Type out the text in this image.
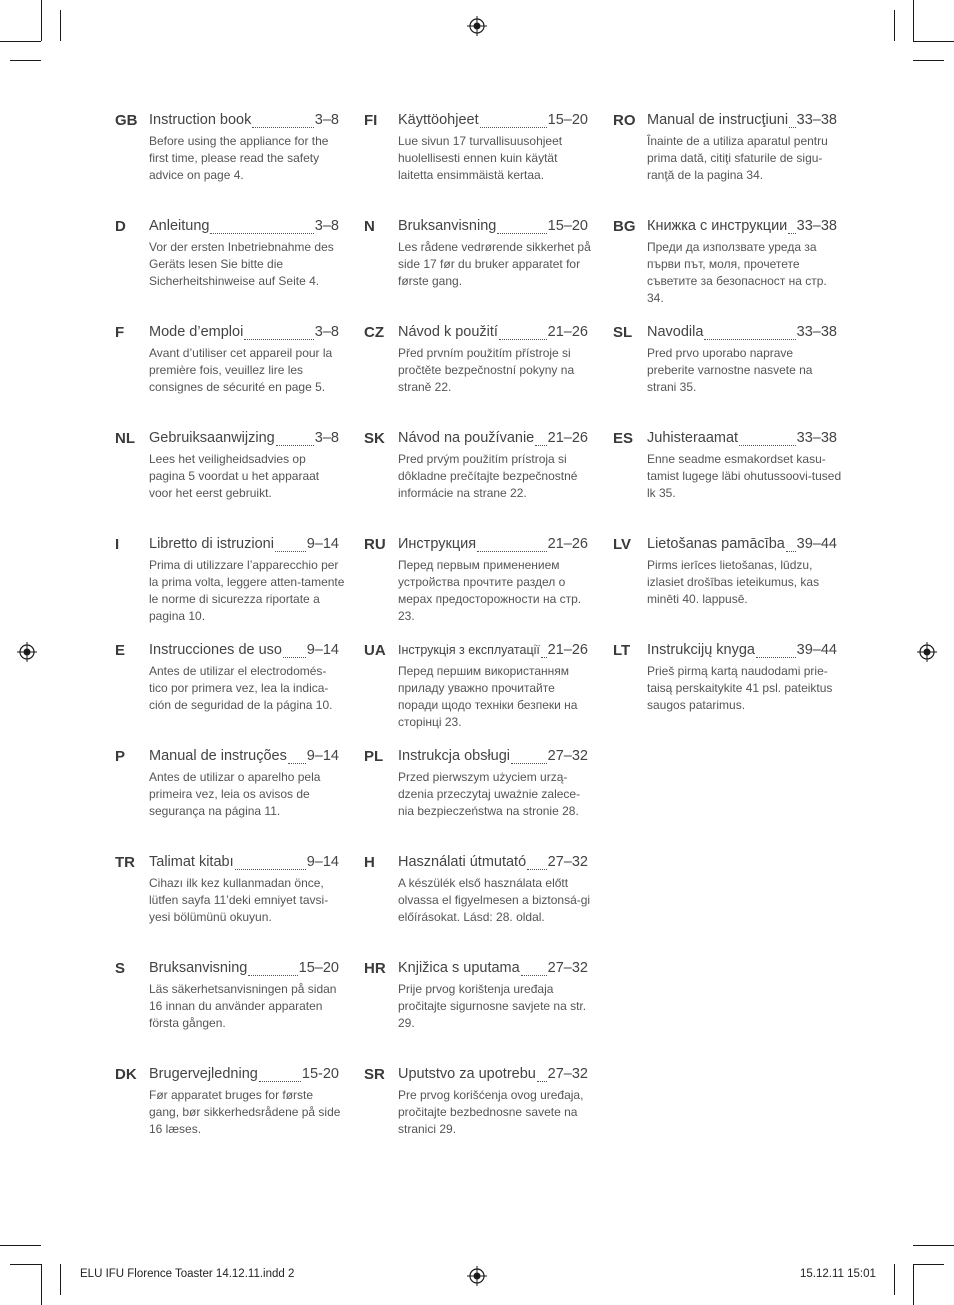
GB Instruction book	3–8
Before using the appliance for the first time, please read the safety advice on page 4.
D Anleitung	3–8
Vor der ersten Inbetriebnahme des Geräts lesen Sie bitte die Sicherheitshinweise auf Seite 4.
F Mode d’emploi	3–8
Avant d’utiliser cet appareil pour la première fois, veuillez lire les consignes de sécurité en page 5.
NL Gebruiksaanwijzing	3–8
Lees het veiligheidsadvies op pagina 5 voordat u het apparaat voor het eerst gebruikt.
I Libretto di istruzioni 9–14
Prima di utilizzare l’apparecchio per la prima volta, leggere atten-tamente le norme di sicurezza riportate a pagina 10.
E Instrucciones de uso 9–14
Antes de utilizar el electrodomés-tico por primera vez, lea la indica-ción de seguridad de la página 10.
P Manual de instruções 9–14
Antes de utilizar o aparelho pela primeira vez, leia os avisos de segurança na página 11.
TR Talimat kitabı	9–14
Cihazı ilk kez kullanmadan önce, lütfen sayfa 11’deki emniyet tavsi-yesi bölümünü okuyun.
S Bruksanvisning	15–20
Läs säkerhetsanvisningen på sidan 16 innan du använder apparaten första gången.
DK Brugervejledning	15-20
Før apparatet bruges for første gang, bør sikkerhedsrådene på side 16 læses.
FI Käyttöohjeet	15–20
Lue sivun 17 turvallisuusohjeet huolellisesti ennen kuin käytät laitetta ensimmäistä kertaa.
N Bruksanvisning	15–20
Les rådene vedrørende sikkerhet på side 17 før du bruker apparatet for første gang.
CZ Návod k použití	21–26
Před prvním použitím přístroje si pročtěte bezpečnostní pokyny na straně 22.
SK Návod na používanie 21–26
Pred prvým použitím prístroja si dôkladne prečítajte bezpečnostné informácie na strane 22.
RU Инструкция	21–26
Перед первым применением устройства прочтите раздел о мерах предосторожности на стр. 23.
UA Інструкція з експлуатації 21–26
Перед першим використанням приладу уважно прочитайте поради щодо техніки безпеки на сторінці 23.
PL Instrukcja obsługi	27–32
Przed pierwszym użyciem urzą-dzenia przeczytaj uważnie zalece-nia bezpieczeństwa na stronie 28.
H Használati útmutató 27–32
A készülék első használata előtt olvassa el figyelmesen a biztonsá-gi előírásokat. Lásd: 28. oldal.
HR Knjižica s uputama 27–32
Prije prvog korištenja uređaja pročitajte sigurnosne savjete na str. 29.
SR Uputstvo za upotrebu 27–32
Pre prvog korišćenja ovog uređaja, pročitajte bezbednosne savete na stranici 29.
RO Manual de instrucţiuni 33–38
Înainte de a utiliza aparatul pentru prima dată, citiţi sfaturile de sigu-ranţă de la pagina 34.
BG Книжка с инструкции 33–38
Преди да използвате уреда за първи път, моля, прочетете съветите за безопасност на стр. 34.
SL Navodila	33–38
Pred prvo uporabo naprave preberite varnostne nasvete na strani 35.
ES Juhisteraamat	33–38
Enne seadme esmakordset kasu-tamist lugege läbi ohutussoovi-tused lk 35.
LV Lietošanas pamācība 39–44
Pirms ierīces lietošanas, lūdzu, izlasiet drošības ieteikumus, kas minēti 40. lappusē.
LT Instrukcijų knyga	39–44
Prieš pirmą kartą naudodami prie-taisą perskaitykite 41 psl. pateiktus saugos patarimus.
ELU IFU Florence Toaster 14.12.11.indd 2	15.12.11 15:01
